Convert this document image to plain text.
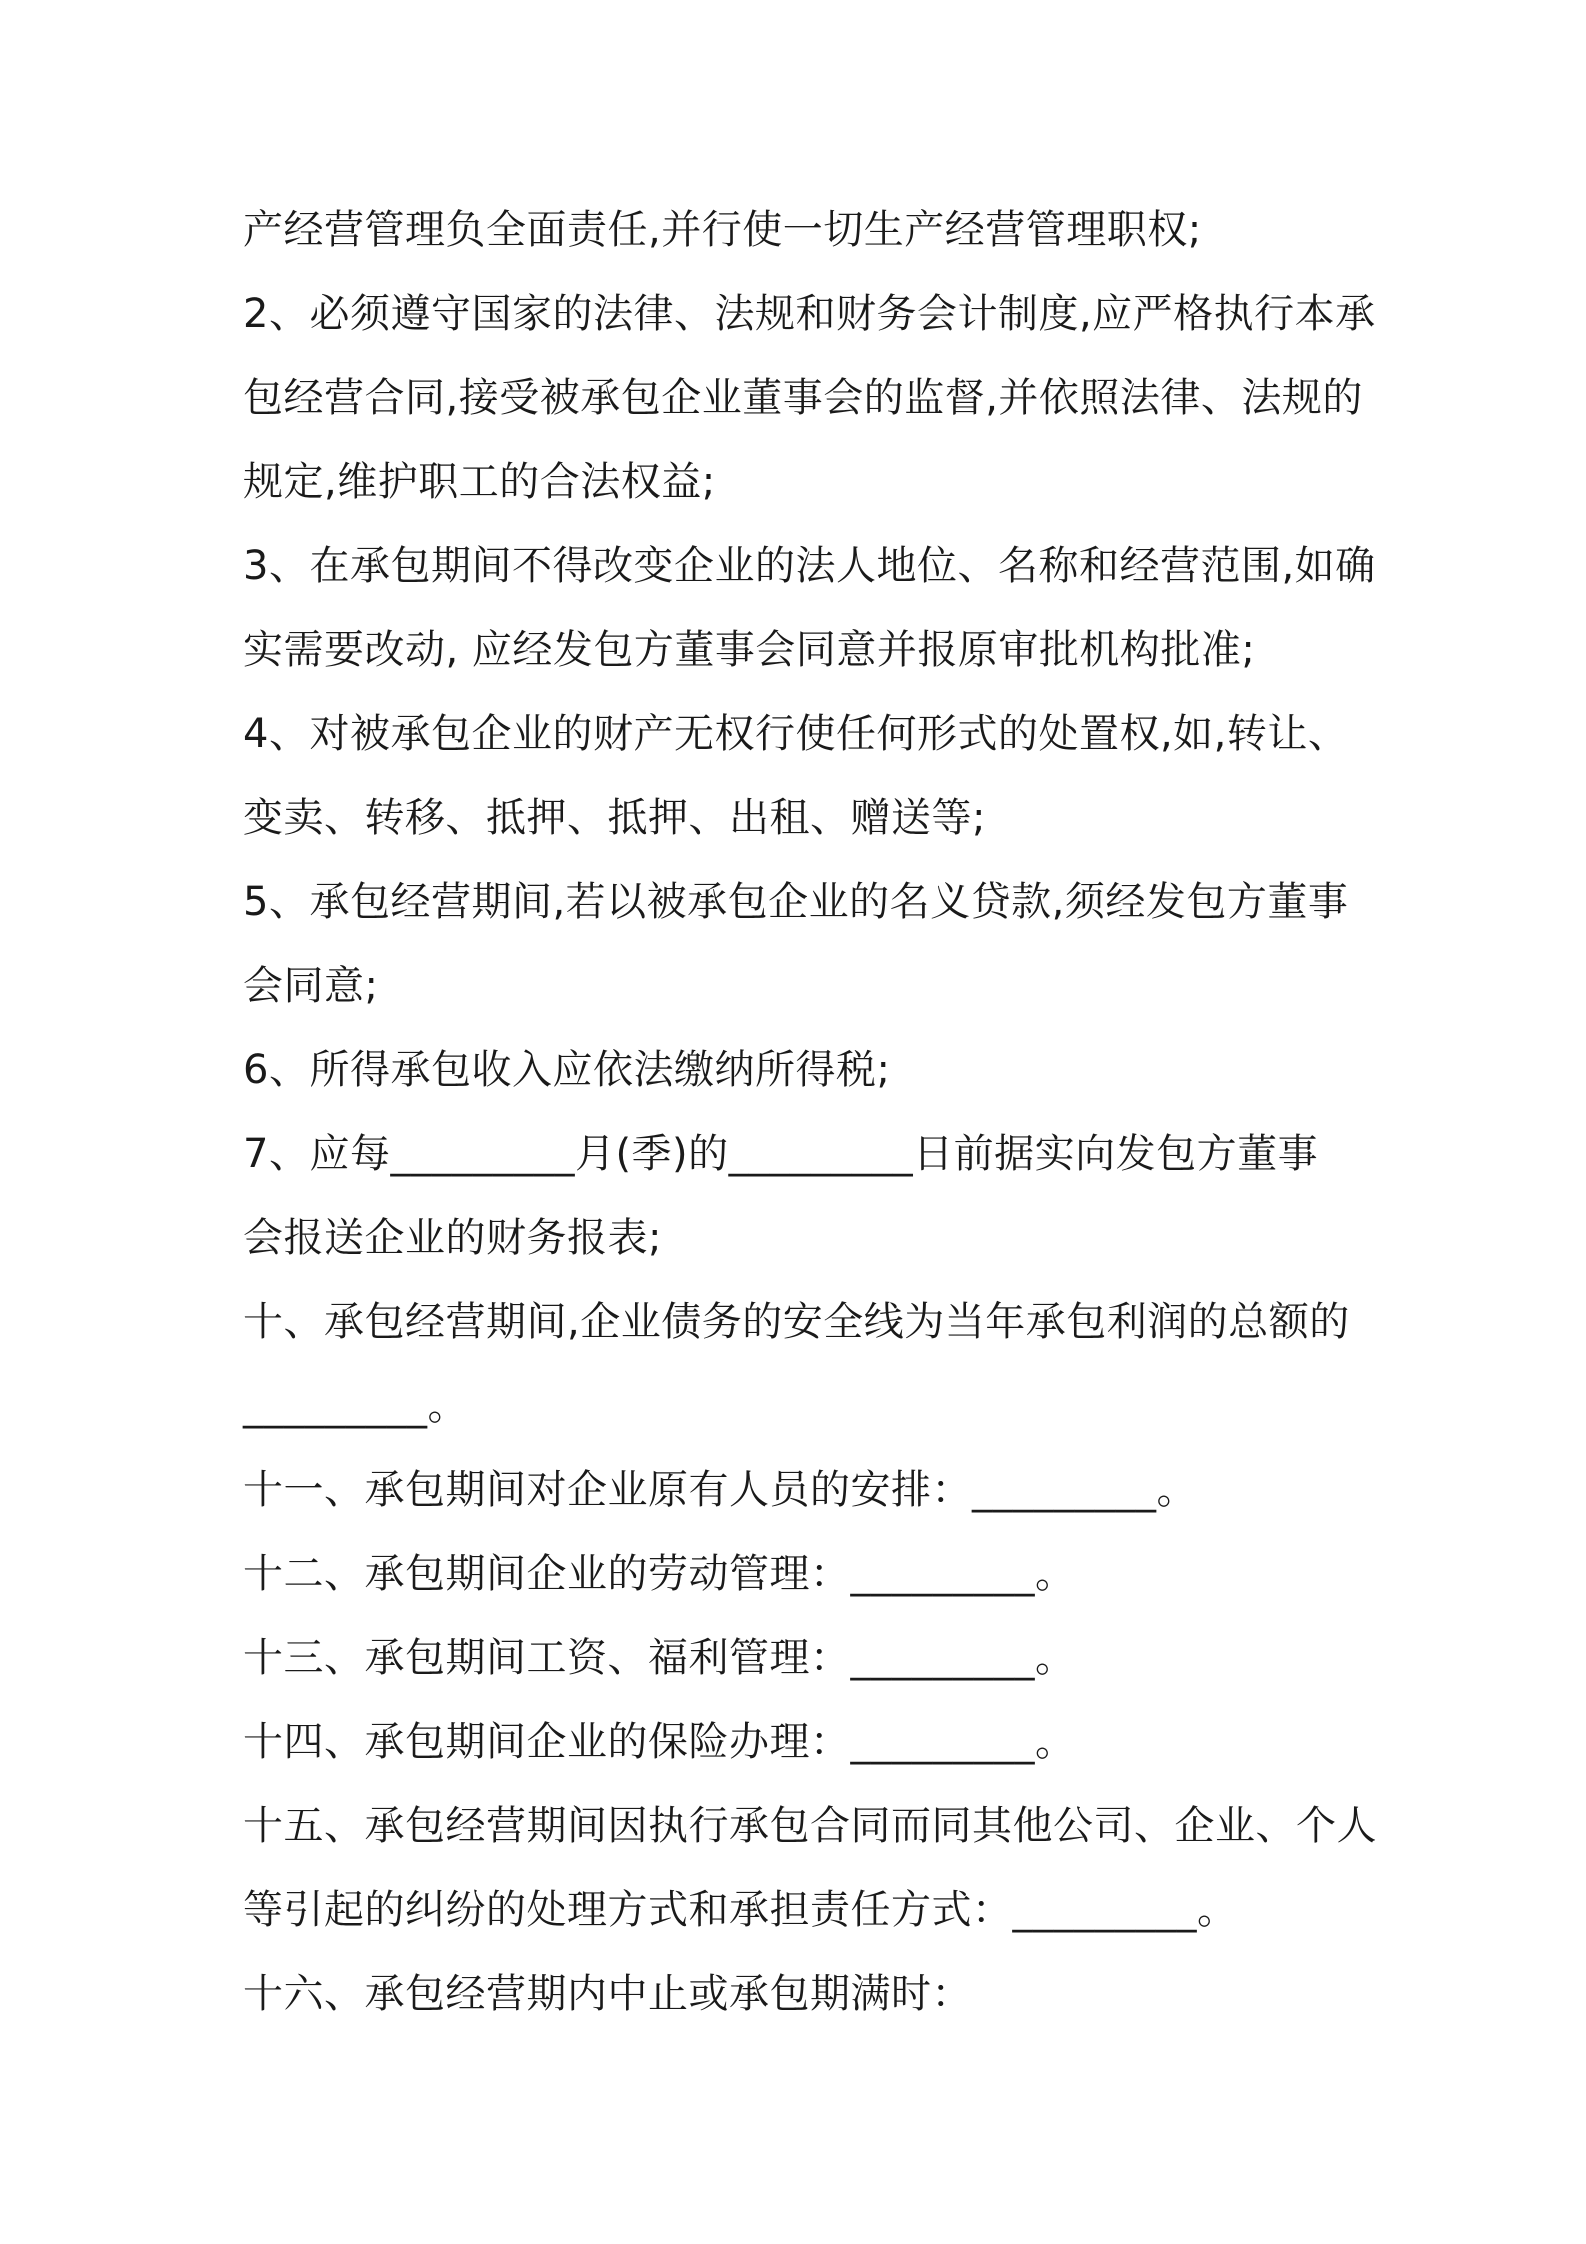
产经营管理负全面责任,并行使一切生产经营管理职权;
2、必须遵守国家的法律、法规和财务会计制度,应严格执行本承
包经营合同,接受被承包企业董事会的监督,并依照法律、法规的
规定,维护职工的合法权益;
3、在承包期间不得改变企业的法人地位、名称和经营范围,如确
实需要改动, 应经发包方董事会同意并报原审批机构批准;
4、对被承包企业的财产无权行使任何形式的处置权,如,转让、
变卖、转移、抵押、抵押、出租、赠送等;
5、承包经营期间,若以被承包企业的名义贷款,须经发包方董事
会同意;
6、所得承包收入应依法缴纳所得税;
7、应每_________月(季)的_________日前据实向发包方董事
会报送企业的财务报表;
十、承包经营期间,企业债务的安全线为当年承包利润的总额的
_________。
十一、承包期间对企业原有人员的安排：_________。
十二、承包期间企业的劳动管理：_________。
十三、承包期间工资、福利管理：_________。
十四、承包期间企业的保险办理：_________。
十五、承包经营期间因执行承包合同而同其他公司、企业、个人
等引起的纠纷的处理方式和承担责任方式：_________。
十六、承包经营期内中止或承包期满时：
